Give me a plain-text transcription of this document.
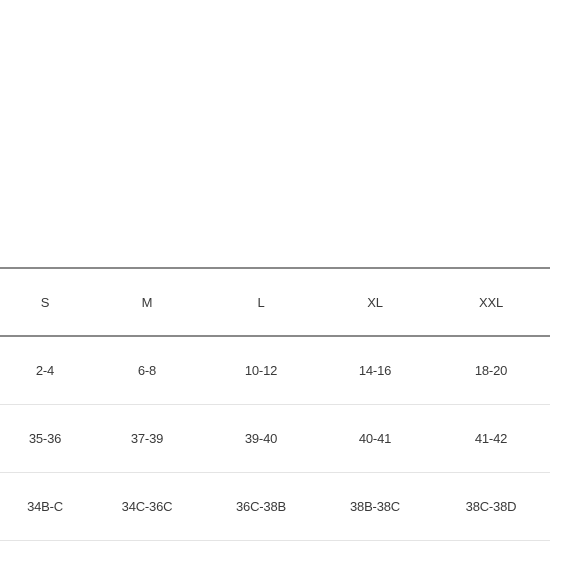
S	M	L	XL	XXL
2-4	6-8	10-12	14-16	18-20
35-36	37-39	39-40	40-41	41-42
34B-C	34C-36C	36C-38B	38B-38C	38C-38D
